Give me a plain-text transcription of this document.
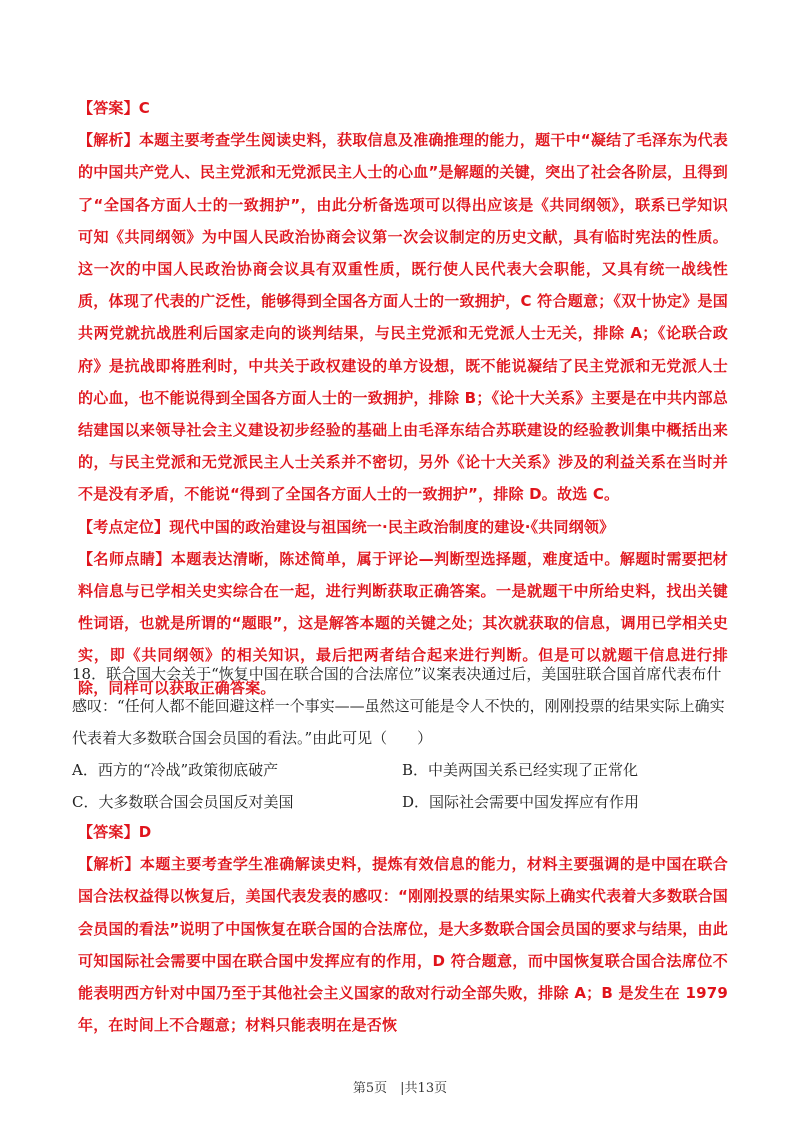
【答案】C

【解析】本题主要考查学生阅读史料，获取信息及准确推理的能力，题干中“凝结了毛泽东为代表的中国共产党人、民主党派和无党派民主人士的心血”是解题的关键，突出了社会各阶层，且得到了“全国各方面人士的一致拥护”，由此分析备选项可以得出应该是《共同纲领》，联系已学知识可知《共同纲领》为中国人民政治协商会议第一次会议制定的历史文献，具有临时宪法的性质。这一次的中国人民政治协商会议具有双重性质，既行使人民代表大会职能，又具有统一战线性质，体现了代表的广泛性，能够得到全国各方面人士的一致拥护，C 符合题意；《双十协定》是国共两党就抗战胜利后国家走向的谈判结果，与民主党派和无党派人士无关，排除 A；《论联合政府》是抗战即将胜利时，中共关于政权建设的单方设想，既不能说凝结了民主党派和无党派人士的心血，也不能说得到全国各方面人士的一致拥护，排除 B；《论十大关系》主要是在中共内部总结建国以来领导社会主义建设初步经验的基础上由毛泽东结合苏联建设的经验教训集中概括出来的，与民主党派和无党派民主人士关系并不密切，另外《论十大关系》涉及的利益关系在当时并不是没有矛盾，不能说“得到了全国各方面人士的一致拥护”，排除 D。故选 C。

【考点定位】现代中国的政治建设与祖国统一·民主政治制度的建设·《共同纲领》

【名师点睛】本题表达清晰，陈述简单，属于评论—判断型选择题，难度适中。解题时需要把材料信息与已学相关史实综合在一起，进行判断获取正确答案。一是就题干中所给史料，找出关键性词语，也就是所谓的“题眼”，这是解答本题的关键之处；其次就获取的信息，调用已学相关史实，即《共同纲领》的相关知识，最后把两者结合起来进行判断。但是可以就题干信息进行排除，同样可以获取正确答案。

18．联合国大会关于“恢复中国在联合国的合法席位”议案表决通过后，美国驻联合国首席代表布什感叹：“任何人都不能回避这样一个事实——虽然这可能是令人不快的，刚刚投票的结果实际上确实代表着大多数联合国会员国的看法。”由此可见（　　）

A．西方的“冷战”政策彻底破产	B．中美两国关系已经实现了正常化
C．大多数联合国会员国反对美国	D．国际社会需要中国发挥应有作用

【答案】D

【解析】本题主要考查学生准确解读史料，提炼有效信息的能力，材料主要强调的是中国在联合国合法权益得以恢复后，美国代表发表的感叹：“刚刚投票的结果实际上确实代表着大多数联合国会员国的看法”说明了中国恢复在联合国的合法席位，是大多数联合国会员国的要求与结果，由此可知国际社会需要中国在联合国中发挥应有的作用，D 符合题意，而中国恢复联合国合法席位不能表明西方针对中国乃至于其他社会主义国家的敌对行动全部失败，排除 A；B 是发生在 1979 年，在时间上不合题意；材料只能表明在是否恢

第5页　|共13页
